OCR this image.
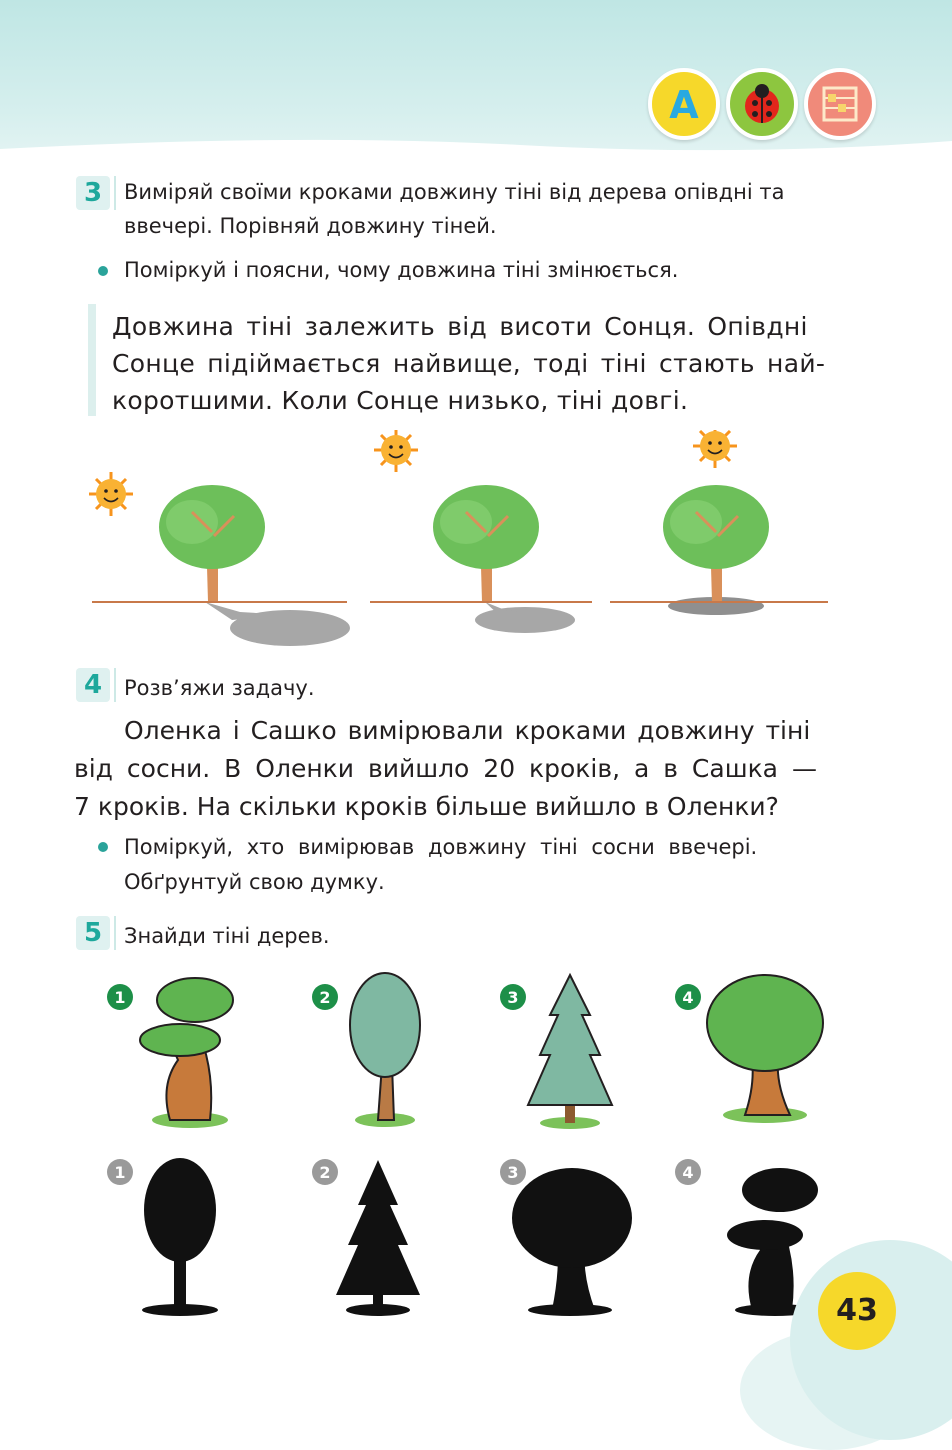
A
3	Виміряй своїми кроками довжину тіні від дерева опівдні та
ввечері. Порівняй довжину тіней.
Поміркуй і поясни, чому довжина тіні змінюється.
Довжина тіні залежить від висоти Сонця. Опівдні
Сонце підіймається найвище, тоді тіні стають най-
коротшими. Коли Сонце низько, тіні довгі.
4	Розв’яжи задачу.
Оленка і Сашко вимірювали кроками довжину тіні
від сосни. В Оленки вийшло 20 кроків, а в Сашка —
7 кроків. На скільки кроків більше вийшло в Оленки?
Поміркуй, хто вимірював довжину тіні сосни ввечері.
Обґрунтуй свою думку.
5	Знайди тіні дерев.
1	2	3	4
1	2	3	4
43
